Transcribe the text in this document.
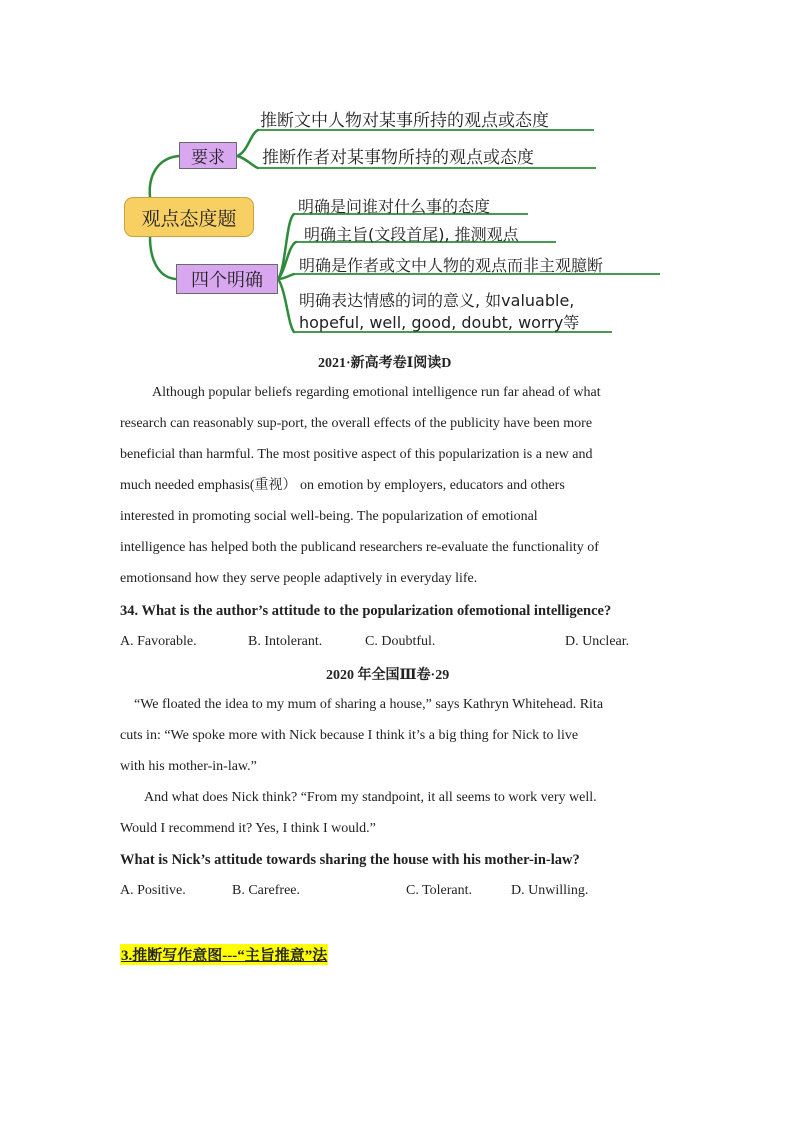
观点态度题
要求
四个明确
推断文中人物对某事所持的观点或态度
推断作者对某事物所持的观点或态度
明确是问谁对什么事的态度
明确主旨(文段首尾), 推测观点
明确是作者或文中人物的观点而非主观臆断
明确表达情感的词的意义, 如valuable, hopeful, well, good, doubt, worry等
2021·新高考卷Ⅰ阅读D
Although popular beliefs regarding emotional intelligence run far ahead of what
research can reasonably sup-port, the overall effects of the publicity have been more
beneficial than harmful. The most positive aspect of this popularization is a new and
much needed emphasis(重视） on emotion by employers, educators and others
interested in promoting social well-being. The popularization of emotional
intelligence has helped both the publicand researchers re-evaluate the functionality of
emotionsand how they serve people adaptively in everyday life.
34. What is the author’s attitude to the popularization ofemotional intelligence?
A. Favorable.	B. Intolerant.	C. Doubtful.	D. Unclear.
2020 年全国Ⅲ卷·29
“We floated the idea to my mum of sharing a house,” says Kathryn Whitehead. Rita
cuts in: “We spoke more with Nick because I think it’s a big thing for Nick to live
with his mother-in-law.”
And what does Nick think? “From my standpoint, it all seems to work very well.
Would I recommend it? Yes, I think I would.”
What is Nick’s attitude towards sharing the house with his mother-in-law?
A. Positive.	B. Carefree.	C. Tolerant.	D. Unwilling.
3.推断写作意图---“主旨推意”法
